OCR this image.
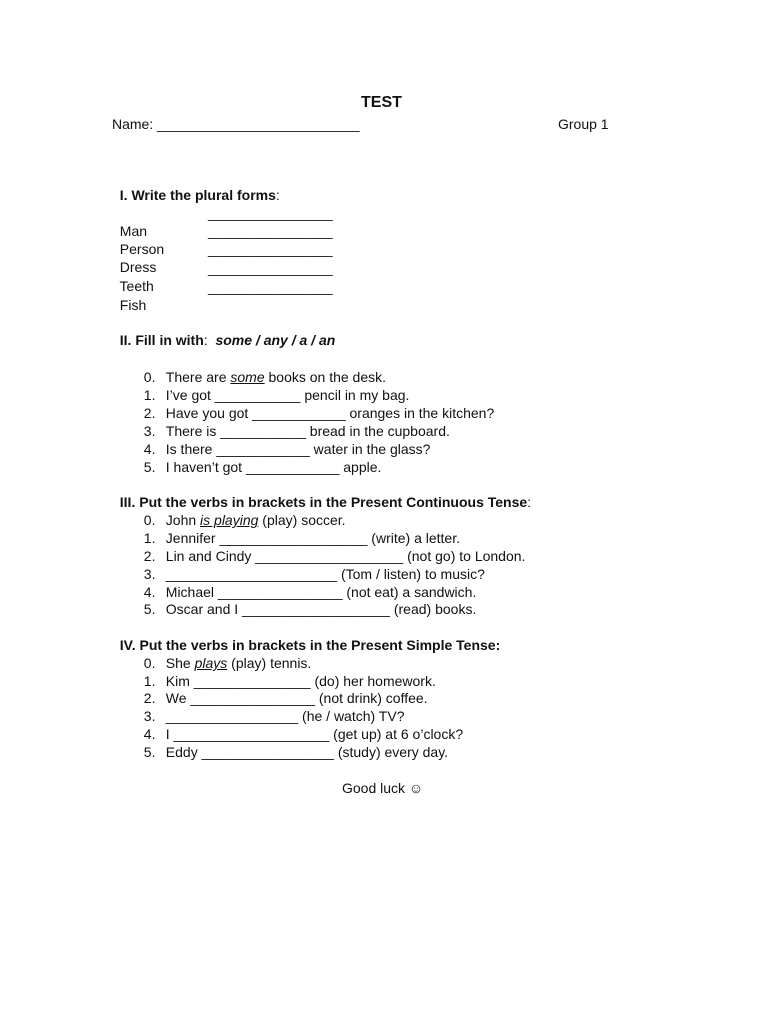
TEST
Name: __________________________	Group 1

I. Write the plural forms:

Man

________________

Person

________________

Dress

________________

Teeth

________________

Fish

________________

II. Fill in with:  some / any / a / an

0. There are some books on the desk.

1. I’ve got ___________ pencil in my bag.

2. Have you got ____________ oranges in the kitchen?

3. There is ___________ bread in the cupboard.

4. Is there ____________ water in the glass?

5. I haven’t got ____________ apple.

III. Put the verbs in brackets in the Present Continuous Tense:

0. John is playing (play) soccer.

1. Jennifer ___________________ (write) a letter.

2. Lin and Cindy ___________________ (not go) to London.

3. ______________________ (Tom / listen) to music?

4. Michael ________________ (not eat) a sandwich.

5. Oscar and I ___________________ (read) books.

IV. Put the verbs in brackets in the Present Simple Tense:

0. She plays (play) tennis.

1. Kim _______________ (do) her homework.

2. We ________________ (not drink) coffee.

3. _________________ (he / watch) TV?

4. I ____________________ (get up) at 6 o’clock?

5. Eddy _________________ (study) every day.

Good luck ☺
